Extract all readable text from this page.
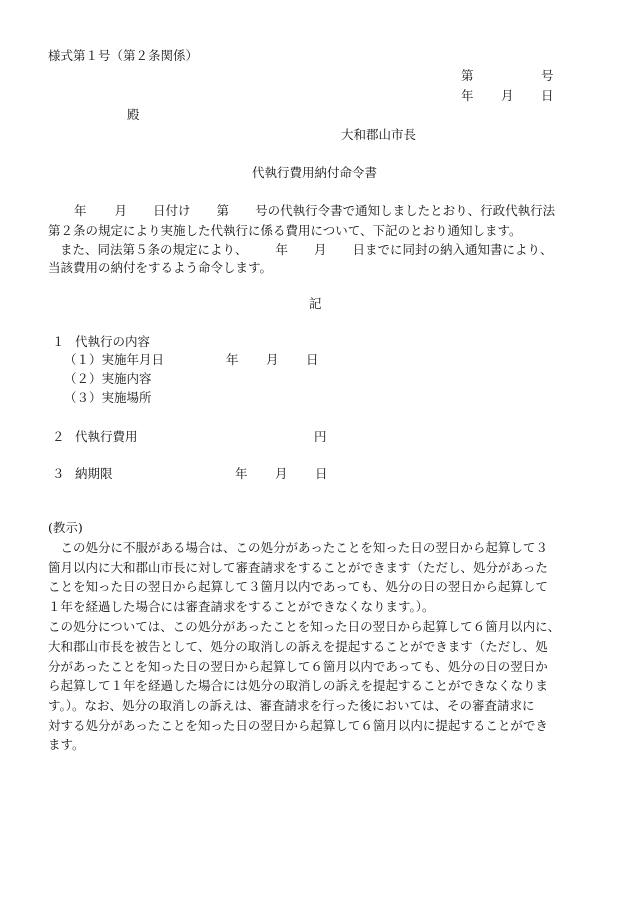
様式第１号（第２条関係）
第	号
年 月 日
殿
大和郡山市長
代執行費用納付命令書
年 月 日付け 第 号の代執行令書で通知しましたとおり、行政代執行法
第２条の規定により実施した代執行に係る費用について、下記のとおり通知します。
また、同法第５条の規定により、 年 月 日までに同封の納入通知書により、
当該費用の納付をするよう命令します。
記
１ 代執行の内容
（１）実施年月日	年 月 日
（２）実施内容
（３）実施場所
２ 代執行費用	円
３ 納期限	年 月 日
(教示)
　この処分に不服がある場合は、この処分があったことを知った日の翌日から起算して３
箇月以内に大和郡山市長に対して審査請求をすることができます（ただし、処分があった
ことを知った日の翌日から起算して３箇月以内であっても、処分の日の翌日から起算して
１年を経過した場合には審査請求をすることができなくなります。）。
この処分については、この処分があったことを知った日の翌日から起算して６箇月以内に、
大和郡山市長を被告として、処分の取消しの訴えを提起することができます（ただし、処
分があったことを知った日の翌日から起算して６箇月以内であっても、処分の日の翌日か
ら起算して１年を経過した場合には処分の取消しの訴えを提起することができなくなりま
す。）。なお、処分の取消しの訴えは、審査請求を行った後においては、その審査請求に
対する処分があったことを知った日の翌日から起算して６箇月以内に提起することができ
ます。
